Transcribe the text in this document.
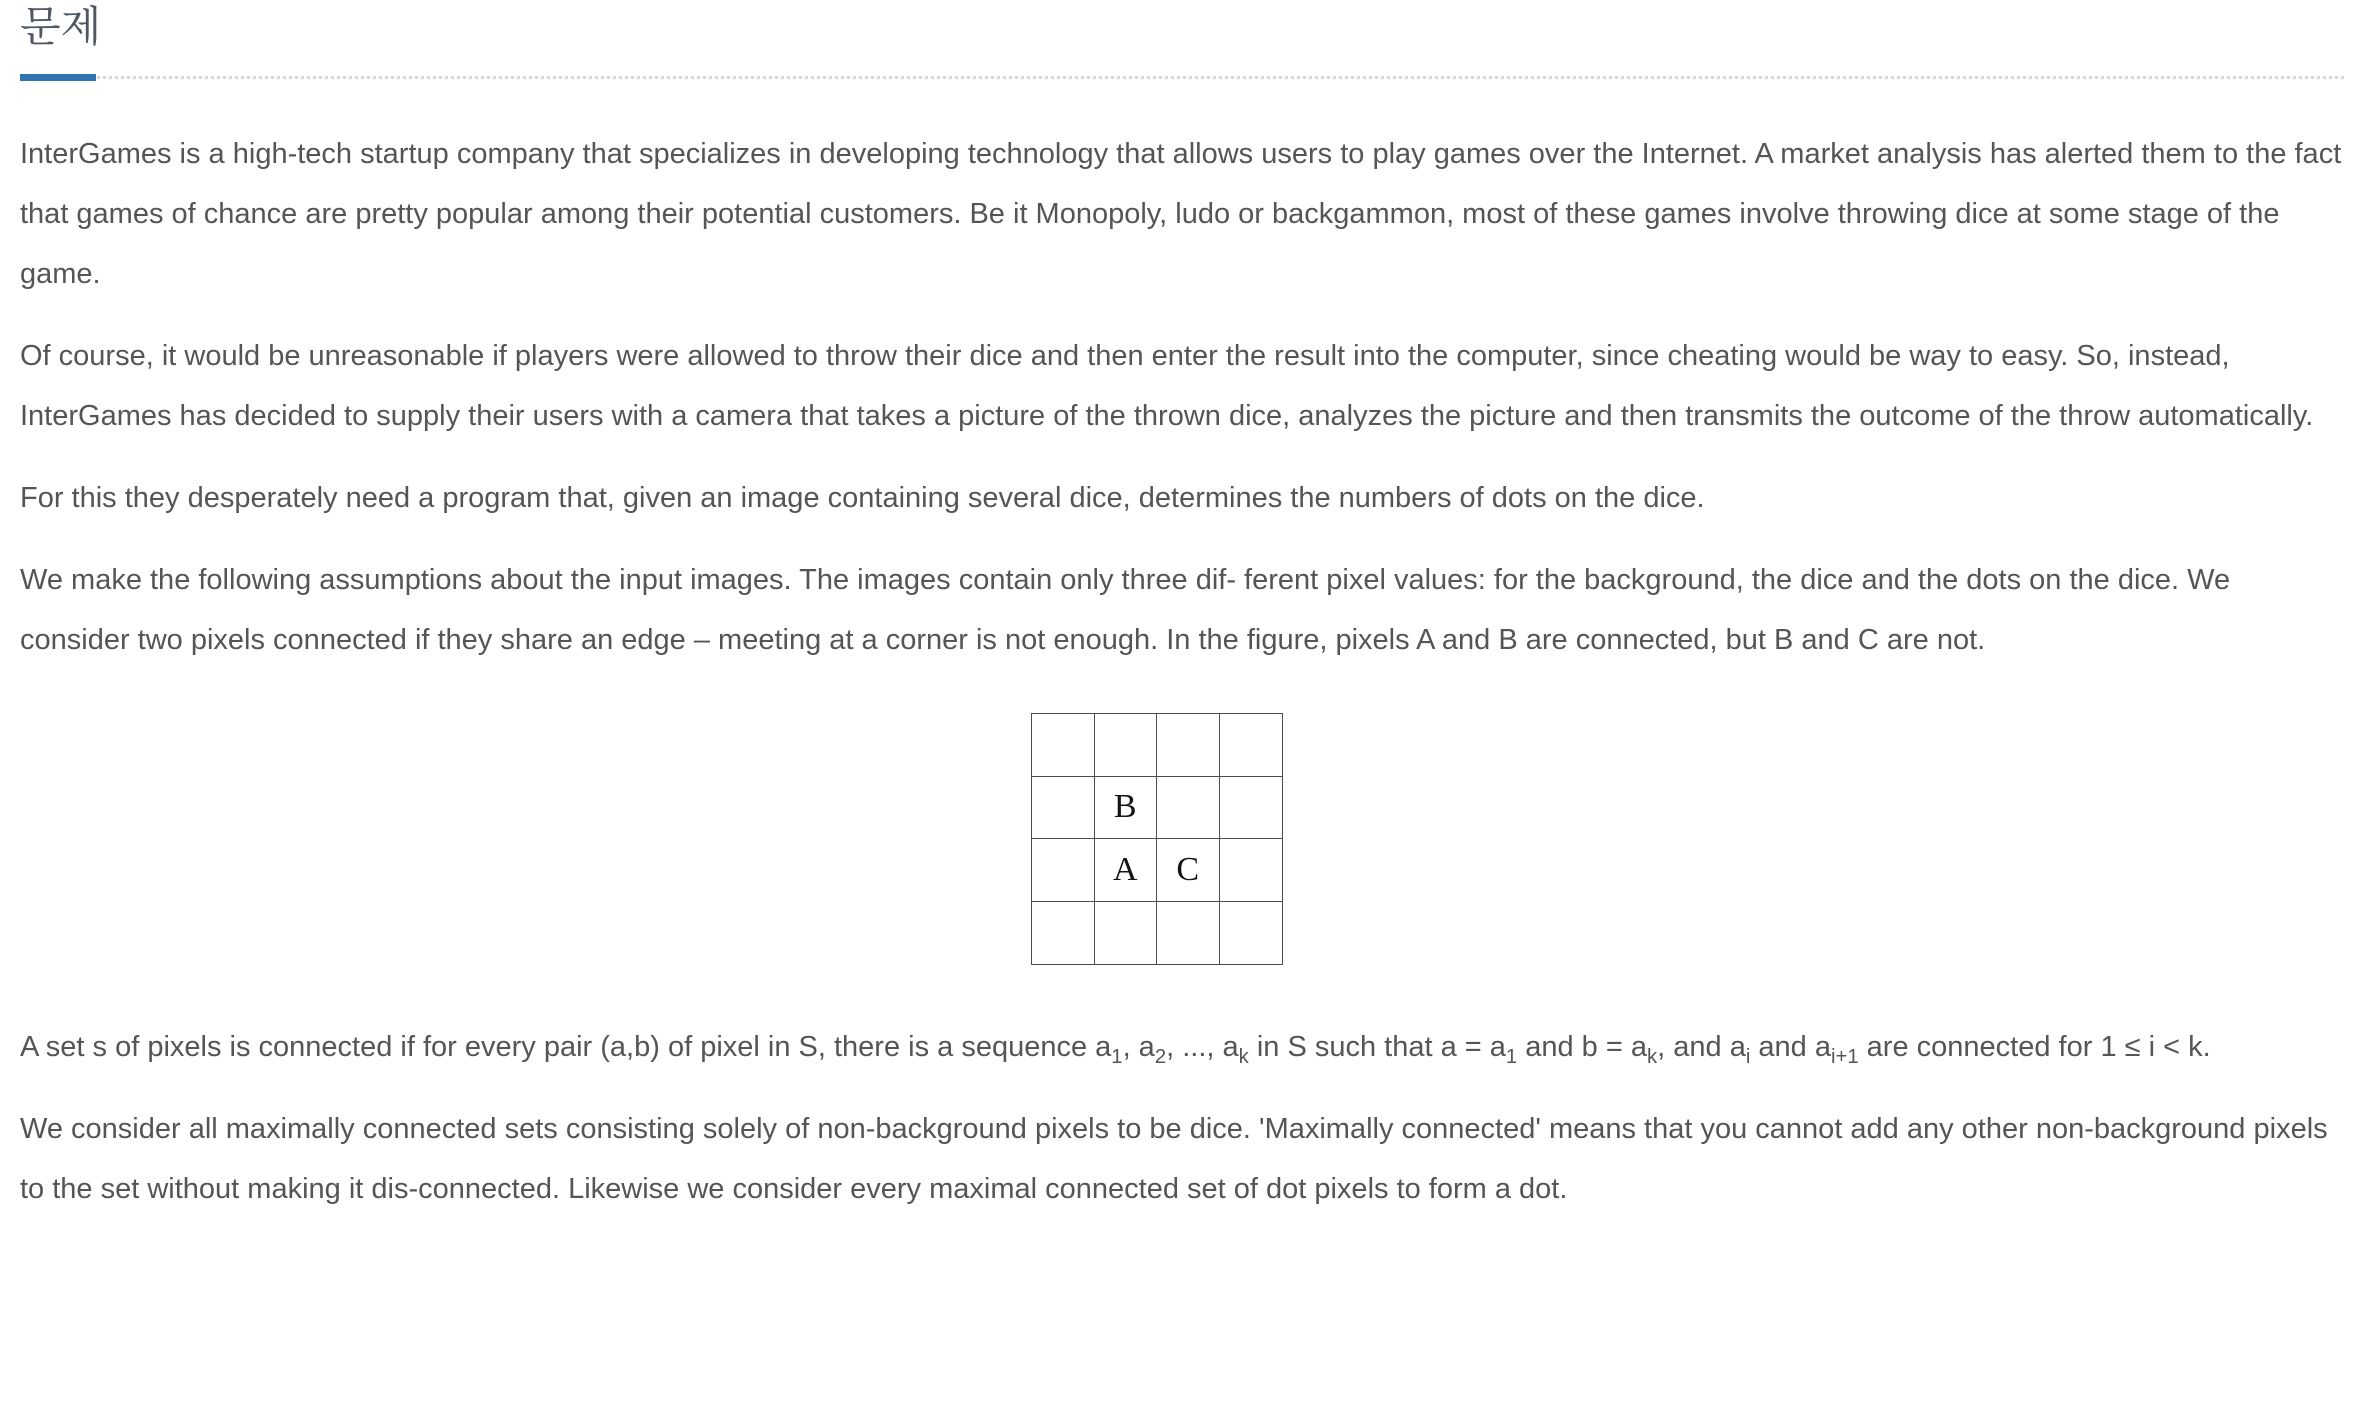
문제

InterGames is a high-tech startup company that specializes in developing technology that allows users to play games over the Internet. A market analysis has alerted them to the fact that games of chance are pretty popular among their potential customers. Be it Monopoly, ludo or backgammon, most of these games involve throwing dice at some stage of the game.

Of course, it would be unreasonable if players were allowed to throw their dice and then enter the result into the computer, since cheating would be way to easy. So, instead, InterGames has decided to supply their users with a camera that takes a picture of the thrown dice, analyzes the picture and then transmits the outcome of the throw automatically.

For this they desperately need a program that, given an image containing several dice, determines the numbers of dots on the dice.

We make the following assumptions about the input images. The images contain only three dif- ferent pixel values: for the background, the dice and the dots on the dice. We consider two pixels connected if they share an edge – meeting at a corner is not enough. In the figure, pixels A and B are connected, but B and C are not.

B
A C

A set s of pixels is connected if for every pair (a,b) of pixel in S, there is a sequence $a_1$, $a_2$, ..., $a_k$ in S such that $a = a_1$ and $b = a_k$, and $a_i$ and $a_{i+1}$ are connected for 1 ≤ i < k.

We consider all maximally connected sets consisting solely of non-background pixels to be dice. 'Maximally connected' means that you cannot add any other non-background pixels to the set without making it dis-connected. Likewise we consider every maximal connected set of dot pixels to form a dot.
